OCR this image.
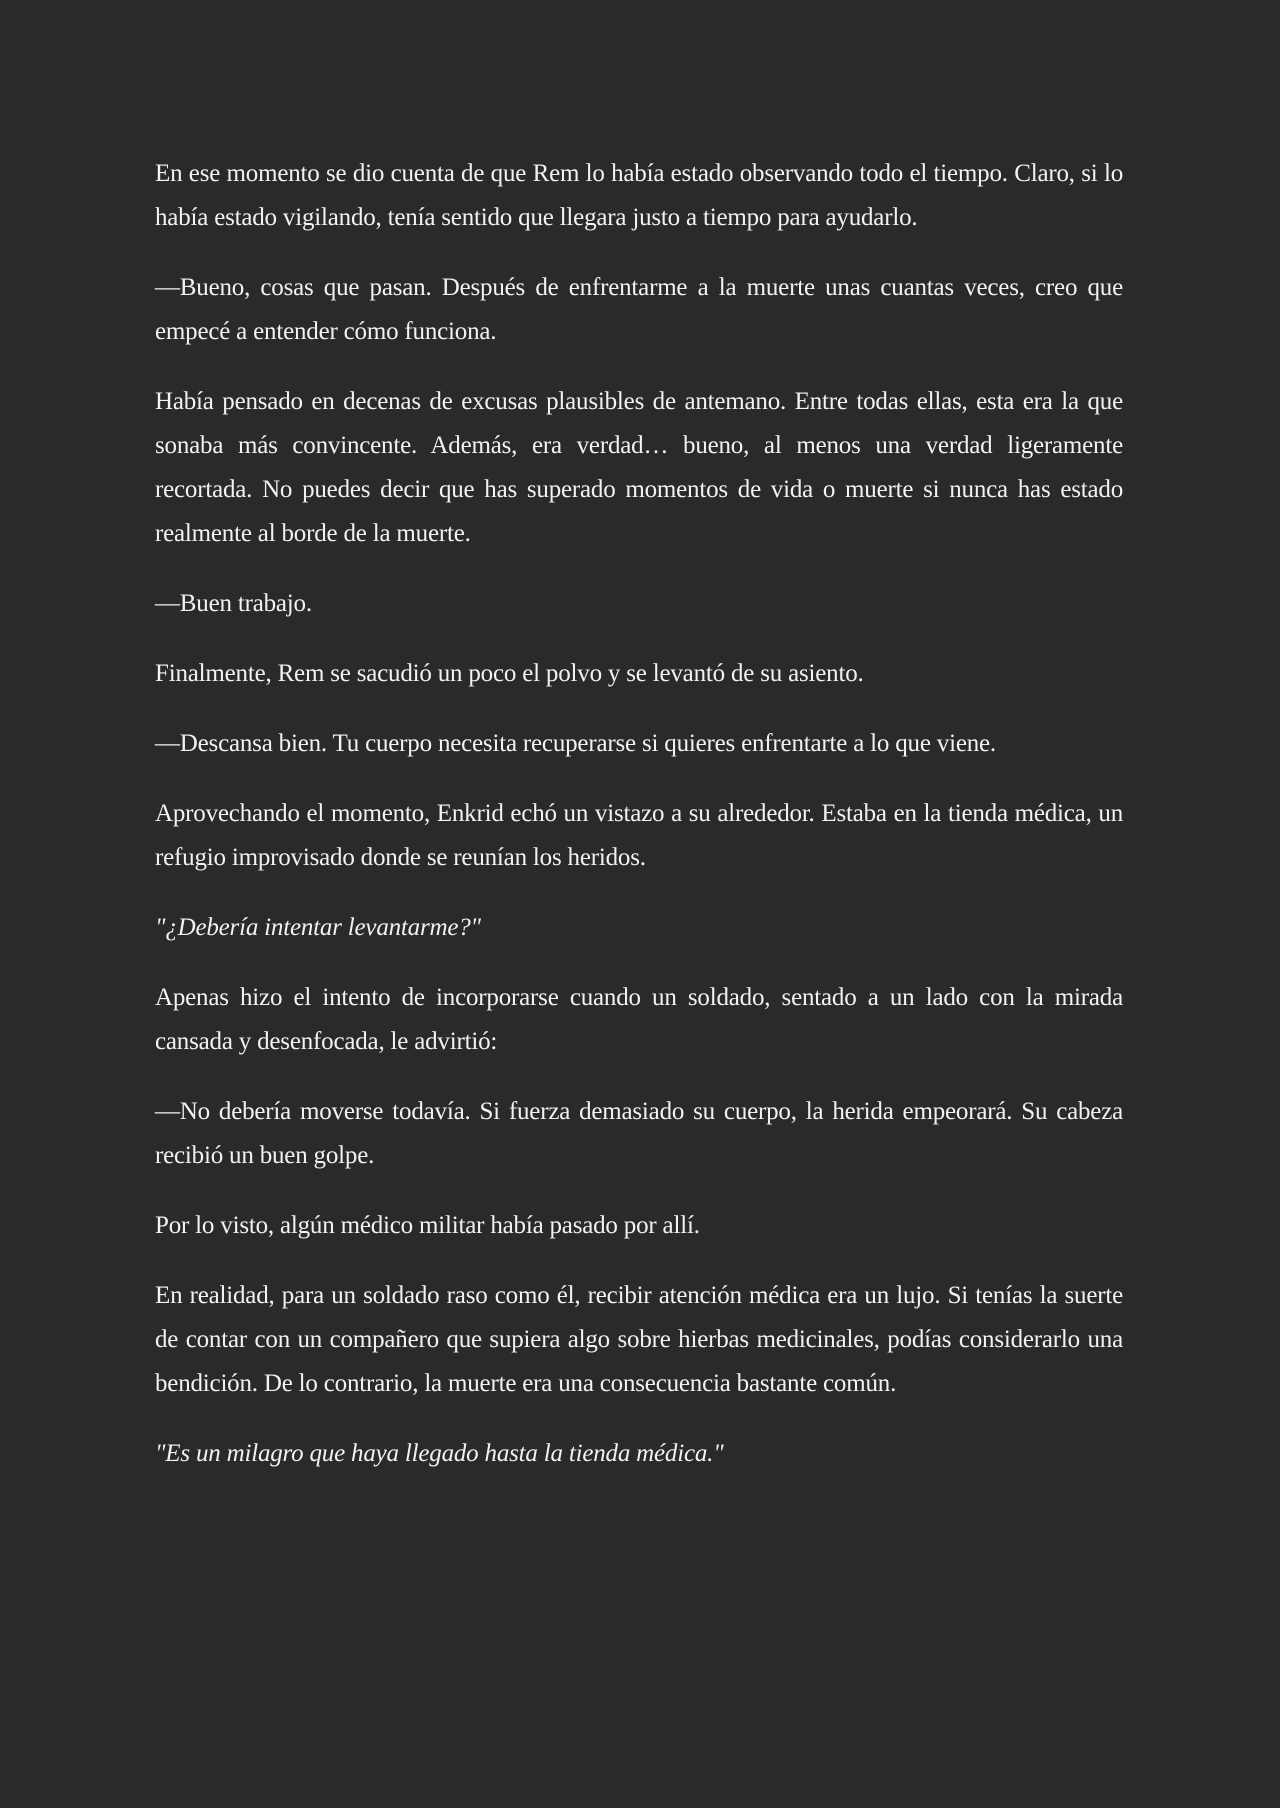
En ese momento se dio cuenta de que Rem lo había estado observando todo el tiempo. Claro, si lo había estado vigilando, tenía sentido que llegara justo a tiempo para ayudarlo.

—Bueno, cosas que pasan. Después de enfrentarme a la muerte unas cuantas veces, creo que empecé a entender cómo funciona.

Había pensado en decenas de excusas plausibles de antemano. Entre todas ellas, esta era la que sonaba más convincente. Además, era verdad… bueno, al menos una verdad ligeramente recortada. No puedes decir que has superado momentos de vida o muerte si nunca has estado realmente al borde de la muerte.

—Buen trabajo.

Finalmente, Rem se sacudió un poco el polvo y se levantó de su asiento.

—Descansa bien. Tu cuerpo necesita recuperarse si quieres enfrentarte a lo que viene.

Aprovechando el momento, Enkrid echó un vistazo a su alrededor. Estaba en la tienda médica, un refugio improvisado donde se reunían los heridos.

"¿Debería intentar levantarme?"

Apenas hizo el intento de incorporarse cuando un soldado, sentado a un lado con la mirada cansada y desenfocada, le advirtió:

—No debería moverse todavía. Si fuerza demasiado su cuerpo, la herida empeorará. Su cabeza recibió un buen golpe.

Por lo visto, algún médico militar había pasado por allí.

En realidad, para un soldado raso como él, recibir atención médica era un lujo. Si tenías la suerte de contar con un compañero que supiera algo sobre hierbas medicinales, podías considerarlo una bendición. De lo contrario, la muerte era una consecuencia bastante común.

"Es un milagro que haya llegado hasta la tienda médica."
